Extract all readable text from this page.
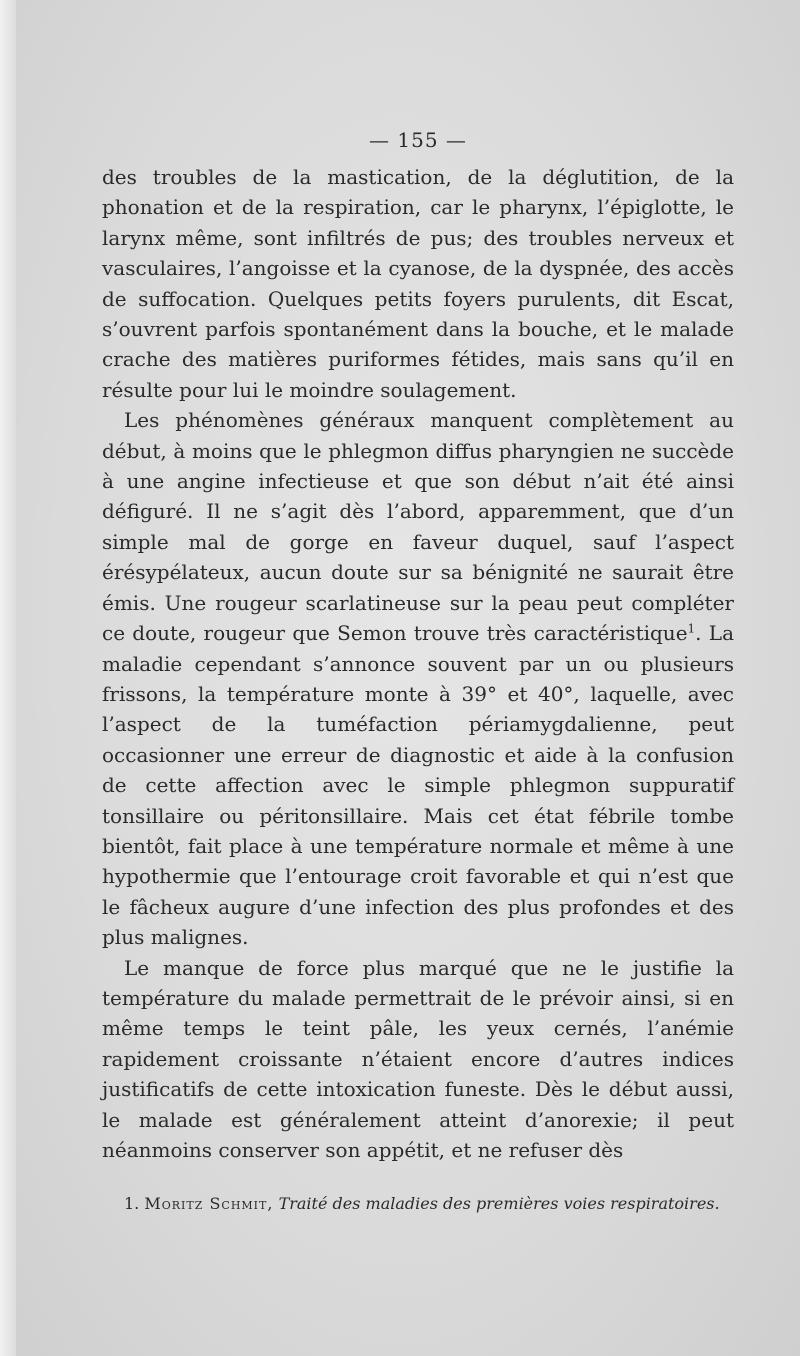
— 155 —

des troubles de la mastication, de la déglutition, de la phonation et de la respiration, car le pharynx, l’épiglotte, le larynx même, sont infiltrés de pus; des troubles nerveux et vasculaires, l’angoisse et la cyanose, de la dyspnée, des accès de suffocation. Quelques petits foyers purulents, dit Escat, s’ouvrent parfois spontanément dans la bouche, et le malade crache des matières puriformes fétides, mais sans qu’il en résulte pour lui le moindre soulagement.

Les phénomènes généraux manquent complètement au début, à moins que le phlegmon diffus pharyngien ne succède à une angine infectieuse et que son début n’ait été ainsi défiguré. Il ne s’agit dès l’abord, apparemment, que d’un simple mal de gorge en faveur duquel, sauf l’aspect érésypélateux, aucun doute sur sa bénignité ne saurait être émis. Une rougeur scarlatineuse sur la peau peut compléter ce doute, rougeur que Semon trouve très caractéristique$^1$. La maladie cependant s’annonce souvent par un ou plusieurs frissons, la température monte à 39° et 40°, laquelle, avec l’aspect de la tuméfaction périamygdalienne, peut occasionner une erreur de diagnostic et aide à la confusion de cette affection avec le simple phlegmon suppuratif tonsillaire ou péritonsillaire. Mais cet état fébrile tombe bientôt, fait place à une température normale et même à une hypothermie que l’entourage croit favorable et qui n’est que le fâcheux augure d’une infection des plus profondes et des plus malignes.

Le manque de force plus marqué que ne le justifie la température du malade permettrait de le prévoir ainsi, si en même temps le teint pâle, les yeux cernés, l’anémie rapidement croissante n’étaient encore d’autres indices justificatifs de cette intoxication funeste. Dès le début aussi, le malade est généralement atteint d’anorexie; il peut néanmoins conserver son appétit, et ne refuser dès

1. Moritz Schmit, Traité des maladies des premières voies respiratoires.
